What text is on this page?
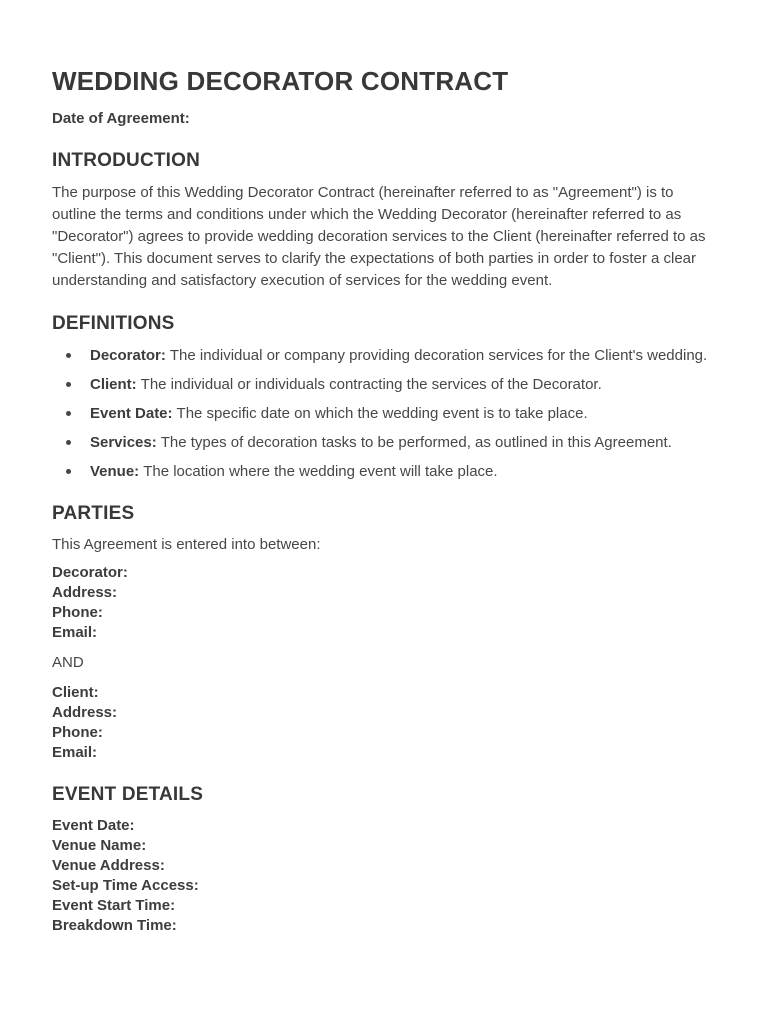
WEDDING DECORATOR CONTRACT
Date of Agreement:
INTRODUCTION

The purpose of this Wedding Decorator Contract (hereinafter referred to as "Agreement") is to outline the terms and conditions under which the Wedding Decorator (hereinafter referred to as "Decorator") agrees to provide wedding decoration services to the Client (hereinafter referred to as "Client"). This document serves to clarify the expectations of both parties in order to foster a clear understanding and satisfactory execution of services for the wedding event.

DEFINITIONS
Decorator: The individual or company providing decoration services for the Client's wedding.
Client: The individual or individuals contracting the services of the Decorator.
Event Date: The specific date on which the wedding event is to take place.
Services: The types of decoration tasks to be performed, as outlined in this Agreement.
Venue: The location where the wedding event will take place.
PARTIES

This Agreement is entered into between:

Decorator:
Address:
Phone:
Email:

AND

Client:
Address:
Phone:
Email:
EVENT DETAILS
Event Date:
Venue Name:
Venue Address:
Set-up Time Access:
Event Start Time:
Breakdown Time:
